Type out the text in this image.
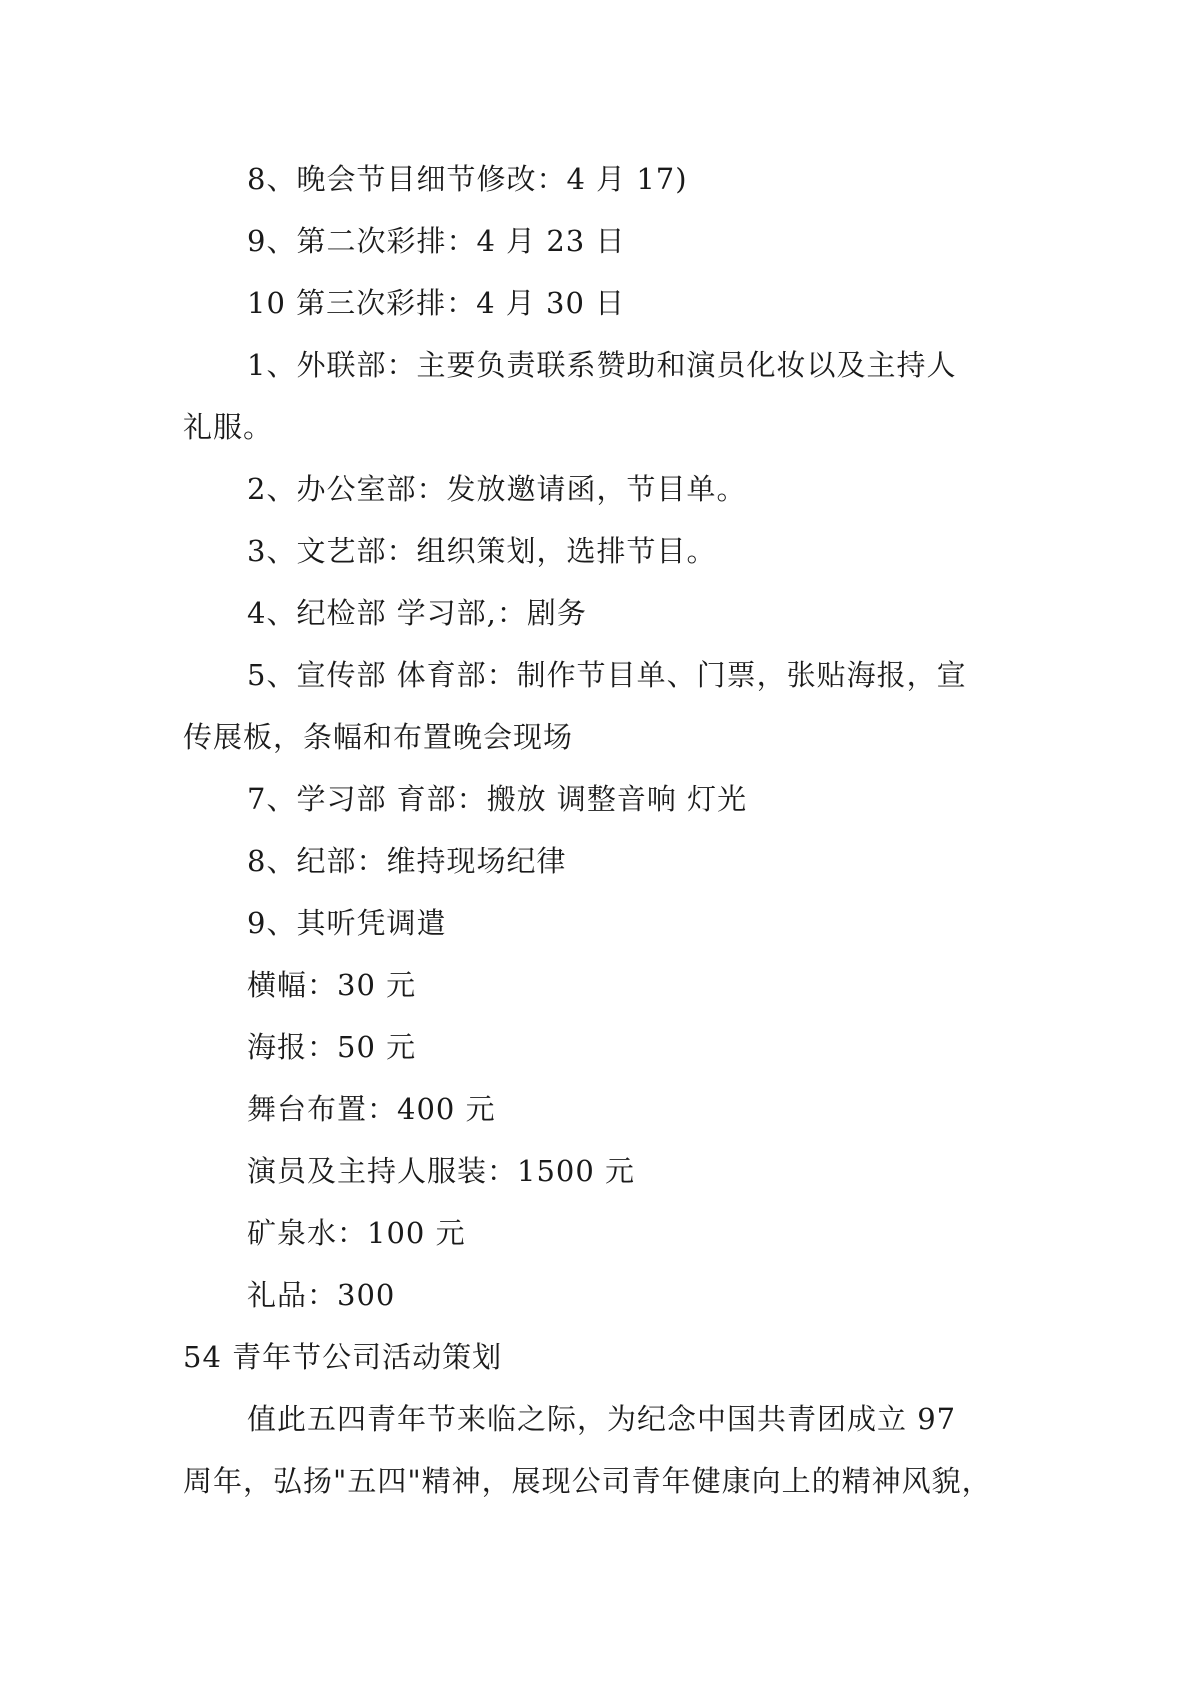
8、晚会节目细节修改：4 月 17)
9、第二次彩排：4 月 23 日
10 第三次彩排：4 月 30 日
1、外联部：主要负责联系赞助和演员化妆以及主持人
礼服。
2、办公室部：发放邀请函，节目单。
3、文艺部：组织策划，选排节目。
4、纪检部 学习部,：剧务
5、宣传部 体育部：制作节目单、门票，张贴海报，宣
传展板，条幅和布置晚会现场
7、学习部 育部：搬放 调整音响 灯光
8、纪部：维持现场纪律
9、其听凭调遣
横幅：30 元
海报：50 元
舞台布置：400 元
演员及主持人服装：1500 元
矿泉水：100 元
礼品：300
54 青年节公司活动策划
值此五四青年节来临之际，为纪念中国共青团成立 97
周年，弘扬"五四"精神，展现公司青年健康向上的精神风貌，
